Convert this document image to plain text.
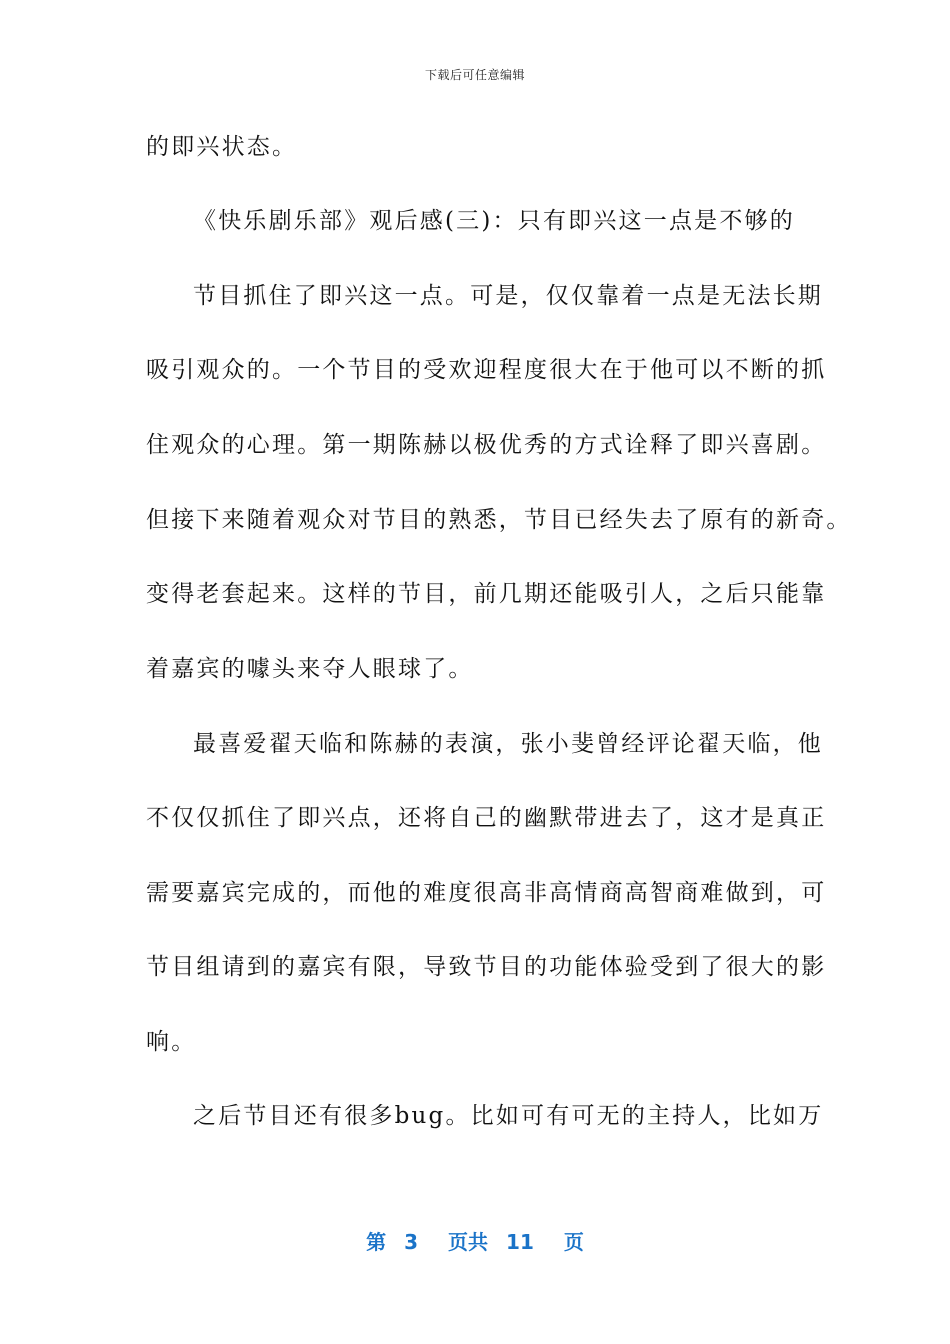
下载后可任意编辑
的即兴状态。
《快乐剧乐部》观后感(三)：只有即兴这一点是不够的
节目抓住了即兴这一点。可是，仅仅靠着一点是无法长期
吸引观众的。一个节目的受欢迎程度很大在于他可以不断的抓
住观众的心理。第一期陈赫以极优秀的方式诠释了即兴喜剧。
但接下来随着观众对节目的熟悉，节目已经失去了原有的新奇。
变得老套起来。这样的节目，前几期还能吸引人，之后只能靠
着嘉宾的噱头来夺人眼球了。
最喜爱翟天临和陈赫的表演，张小斐曾经评论翟天临，他
不仅仅抓住了即兴点，还将自己的幽默带进去了，这才是真正
需要嘉宾完成的，而他的难度很高非高情商高智商难做到，可
节目组请到的嘉宾有限，导致节目的功能体验受到了很大的影
响。
之后节目还有很多bug。比如可有可无的主持人，比如万
第 3 页共 11 页
